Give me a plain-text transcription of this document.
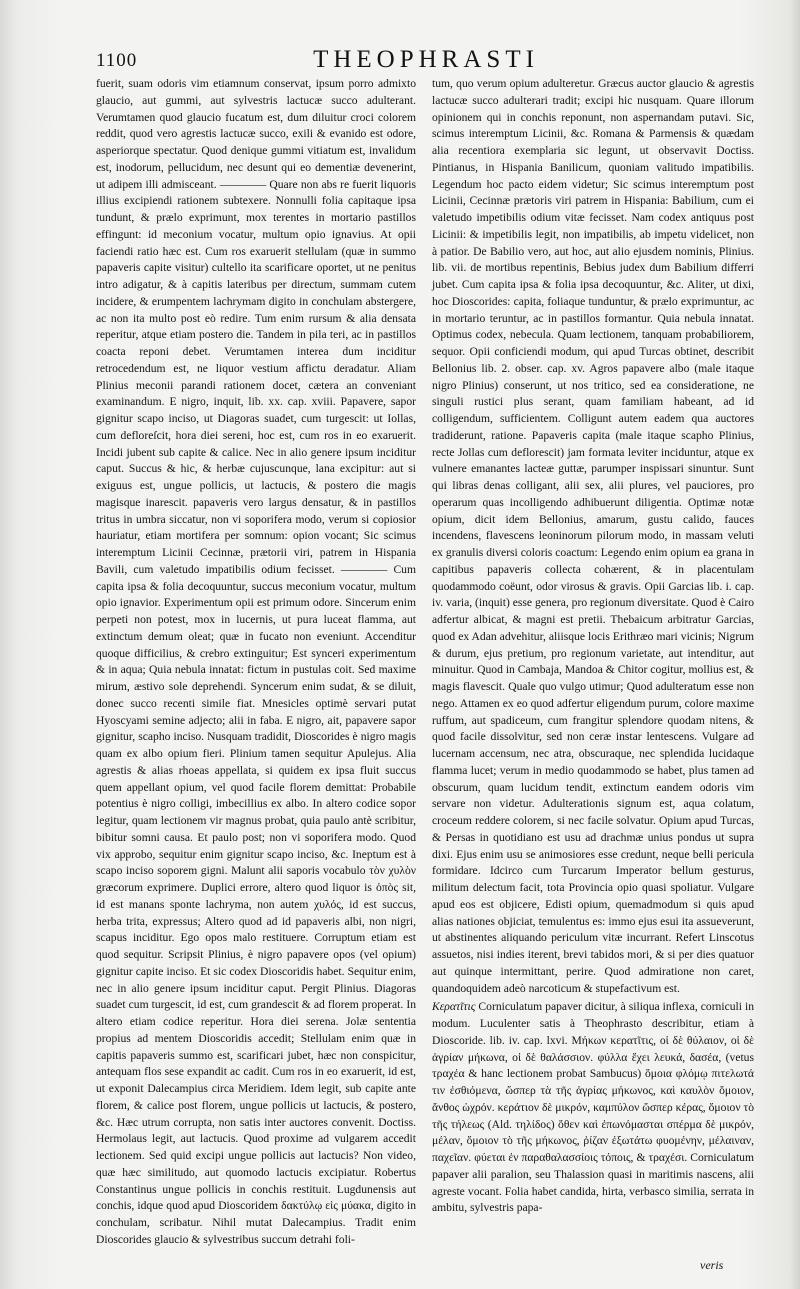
1100	THEOPHRASTI

fuerit, suam odoris vim etiamnum conservat, ipsum porro admixto glaucio, aut gummi, aut sylvestris lactucæ succo adulterant. Verumtamen quod glaucio fucatum est, dum diluitur croci colorem reddit, quod vero agrestis lactucæ succo, exili & evanido est odore, asperiorque spectatur. Quod denique gummi vitiatum est, invalidum est, inodorum, pellucidum, nec desunt qui eo dementiæ devenerint, ut adipem illi admisceant. ———— Quare non abs re fuerit liquoris illius excipiendi rationem subtexere. Nonnulli folia capitaque ipsa tundunt, & prælo exprimunt, mox terentes in mortario pastillos effingunt: id meconium vocatur, multum opio ignavius. At opii faciendi ratio hæc est. Cum ros exaruerit stellulam (quæ in summo papaveris capite visitur) cultello ita scarificare oportet, ut ne penitus intro adigatur, & à capitis lateribus per directum, summam cutem incidere, & erumpentem lachrymam digito in conchulam abstergere, ac non ita multo post eò redire. Tum enim rursum & alia densata reperitur, atque etiam postero die. Tandem in pila teri, ac in pastillos coacta reponi debet. Verumtamen interea dum inciditur retrocedendum est, ne liquor vestium affictu deradatur. Aliam Plinius meconii parandi rationem docet, cætera an conveniant examinandum. E nigro, inquit, lib. xx. cap. xviii. Papavere, sapor gignitur scapo inciso, ut Diagoras suadet, cum turgescit: ut Iollas, cum defloreſcit, hora diei sereni, hoc est, cum ros in eo exaruerit. Incidi jubent sub capite & calice. Nec in alio genere ipsum inciditur caput. Succus & hic, & herbæ cujuscunque, lana excipitur: aut si exiguus est, ungue pollicis, ut lactucis, & postero die magis magisque inarescit. papaveris vero largus densatur, & in pastillos tritus in umbra siccatur, non vi soporifera modo, verum si copiosior hauriatur, etiam mortifera per somnum: opion vocant; Sic scimus interemptum Licinii Cecinnæ, prætorii viri, patrem in Hispania Bavili, cum valetudo impatibilis odium fecisset. ———— Cum capita ipsa & folia decoquuntur, succus meconium vocatur, multum opio ignavior. Experimentum opii est primum odore. Sincerum enim perpeti non potest, mox in lucernis, ut pura luceat flamma, aut extinctum demum oleat; quæ in fucato non eveniunt. Accenditur quoque difficilius, & crebro extinguitur; Est synceri experimentum & in aqua; Quia nebula innatat: fictum in pustulas coit. Sed maxime mirum, æstivo sole deprehendi. Syncerum enim sudat, & se diluit, donec succo recenti simile fiat. Mnesicles optimè servari putat Hyoscyami semine adjecto; alii in faba. E nigro, ait, papavere sapor gignitur, scapho inciso. Nusquam tradidit, Dioscorides è nigro magis quam ex albo opium fieri. Plinium tamen sequitur Apulejus. Alia agrestis & alias rhoeas appellata, si quidem ex ipsa fluit succus quem appellant opium, vel quod facile florem demittat: Probabile potentius è nigro colligi, imbecillius ex albo. In altero codice sopor legitur, quam lectionem vir magnus probat, quia paulo antè scribitur, bibitur somni causa. Et paulo post; non vi soporifera modo. Quod vix approbo, sequitur enim gignitur scapo inciso, &c. Ineptum est à scapo inciso soporem gigni. Malunt alii saporis vocabulo τὸν χυλὸν græcorum exprimere. Duplici errore, altero quod liquor is ὀπὸς sit, id est manans sponte lachryma, non autem χυλός, id est succus, herba trita, expressus; Altero quod ad id papaveris albi, non nigri, scapus inciditur. Ego opos malo restituere. Corruptum etiam est quod sequitur. Scripsit Plinius, è nigro papavere opos (vel opium) gignitur capite inciso. Et sic codex Dioscoridis habet. Sequitur enim, nec in alio genere ipsum inciditur caput. Pergit Plinius. Diagoras suadet cum turgescit, id est, cum grandescit & ad florem properat. In altero etiam codice reperitur. Hora diei serena. Jolæ sententia propius ad mentem Dioscoridis accedit; Stellulam enim quæ in capitis papaveris summo est, scarificari jubet, hæc non conspicitur, antequam flos sese expandit ac cadit. Cum ros in eo exaruerit, id est, ut exponit Dalecampius circa Meridiem. Idem legit, sub capite ante florem, & calice post florem, ungue pollicis ut lactucis, & postero, &c. Hæc utrum corrupta, non satis inter auctores convenit. Doctiss. Hermolaus legit, aut lactucis. Quod proxime ad vulgarem accedit lectionem. Sed quid excipi ungue pollicis aut lactucis? Non video, quæ hæc similitudo, aut quomodo lactucis excipiatur. Robertus Constantinus ungue pollicis in conchis restituit. Lugdunensis aut conchis, idque quod apud Dioscoridem δακτύλῳ εἰς μύακα, digito in conchulam, scribatur. Nihil mutat Dalecampius. Tradit enim Dioscorides glaucio & sylvestribus succum detrahi foli-

tum, quo verum opium adulteretur. Græcus auctor glaucio & agrestis lactucæ succo adulterari tradit; excipi hic nusquam. Quare illorum opinionem qui in conchis reponunt, non aspernandam putavi. Sic, scimus interemptum Licinii, &c. Romana & Parmensis & quædam alia recentiora exemplaria sic legunt, ut observavit Doctiss. Pintianus, in Hispania Banilicum, quoniam valitudo impatibilis. Legendum hoc pacto eidem videtur; Sic scimus interemptum post Licinii, Cecinnæ prætoris viri patrem in Hispania: Babilium, cum ei valetudo impetibilis odium vitæ fecisset. Nam codex antiquus post Licinii: & impetibilis legit, non impatibilis, ab impetu videlicet, non à patior. De Babilio vero, aut hoc, aut alio ejusdem nominis, Plinius. lib. vii. de mortibus repentinis, Bebius judex dum Babilium differri jubet. Cum capita ipsa & folia ipsa decoquuntur, &c. Aliter, ut dixi, hoc Dioscorides: capita, foliaque tunduntur, & prælo exprimuntur, ac in mortario teruntur, ac in pastillos formantur. Quia nebula innatat. Optimus codex, nebecula. Quam lectionem, tanquam probabiliorem, sequor. Opii conficiendi modum, qui apud Turcas obtinet, describit Bellonius lib. 2. obser. cap. xv. Agros papavere albo (male itaque nigro Plinius) conserunt, ut nos tritico, sed ea consideratione, ne singuli rustici plus serant, quam familiam habeant, ad id colligendum, sufficientem. Colligunt autem eadem qua auctores tradiderunt, ratione. Papaveris capita (male itaque scapho Plinius, recte Jollas cum deflorescit) jam formata leviter inciduntur, atque ex vulnere emanantes lacteæ guttæ, parumper inspissari sinuntur. Sunt qui libras denas colligant, alii sex, alii plures, vel pauciores, pro operarum quas incolligendo adhibuerunt diligentia. Optimæ notæ opium, dicit idem Bellonius, amarum, gustu calido, fauces incendens, flavescens leoninorum pilorum modo, in massam veluti ex granulis diversi coloris coactum: Legendo enim opium ea grana in capitibus papaveris collecta cohærent, & in placentulam quodammodo coëunt, odor virosus & gravis. Opii Garcias lib. i. cap. iv. varia, (inquit) esse genera, pro regionum diversitate. Quod è Cairo adfertur albicat, & magni est pretii. Thebaicum arbitratur Garcias, quod ex Adan advehitur, aliisque locis Erithræo mari vicinis; Nigrum & durum, ejus pretium, pro regionum varietate, aut intenditur, aut minuitur. Quod in Cambaja, Mandoa & Chitor cogitur, mollius est, & magis flavescit. Quale quo vulgo utimur; Quod adulteratum esse non nego. Attamen ex eo quod adfertur eligendum purum, colore maxime ruffum, aut spadiceum, cum frangitur splendore quodam nitens, & quod facile dissolvitur, sed non ceræ instar lentescens. Vulgare ad lucernam accensum, nec atra, obscuraque, nec splendida lucidaque flamma lucet; verum in medio quodammodo se habet, plus tamen ad obscurum, quam lucidum tendit, extinctum eandem odoris vim servare non videtur. Adulterationis signum est, aqua colatum, croceum reddere colorem, si nec facile solvatur. Opium apud Turcas, & Persas in quotidiano est usu ad drachmæ unius pondus ut supra dixi. Ejus enim usu se animosiores esse credunt, neque belli pericula formidare. Idcirco cum Turcarum Imperator bellum gesturus, militum delectum facit, tota Provincia opio quasi spoliatur. Vulgare apud eos est objicere, Edisti opium, quemadmodum si quis apud alias nationes objiciat, temulentus es: immo ejus esui ita assueverunt, ut abstinentes aliquando periculum vitæ incurrant. Refert Linscotus assuetos, nisi indies iterent, brevi tabidos mori, & si per dies quatuor aut quinque intermittant, perire. Quod admiratione non caret, quandoquidem adeò narcoticum & stupefactivum est.

Κερατῖτις Corniculatum papaver dicitur, à siliqua inflexa, corniculi in modum. Luculenter satis à Theophrasto describitur, etiam à Dioscoride. lib. iv. cap. lxvi. Μήκων κερατῖτις, οἱ δὲ θύλαιον, οἱ δὲ ἀγρίαν μήκωνα, οἱ δὲ θαλάσσιον. φύλλα ἔχει λευκά, δασέα, (vetus τραχέα & hanc lectionem probat Sambucus) ὅμοια φλόμῳ πιτελωτά τιν ἐσθιόμενα, ὥσπερ τὰ τῆς ἀγρίας μήκωνος, καὶ καυλὸν ὅμοιον, ἄνθος ὠχρόν. κεράτιον δὲ μικρόν, καμπύλον ὥσπερ κέρας, ὅμοιον τὸ τῆς τήλεως (Ald. τηλίδος) ὅθεν καὶ ἐπωνόμασται σπέρμα δὲ μικρόν, μέλαν, ὅμοιον τὸ τῆς μήκωνος, ῥίζαν ἐξωτάτω φυομένην, μέλαιναν, παχεῖαν. φύεται ἐν παραθαλασσίοις τόποις, & τραχέσι. Corniculatum papaver alii paralion, seu Thalassion quasi in maritimis nascens, alii agreste vocant. Folia habet candida, hirta, verbasco similia, serrata in ambitu, sylvestris papa-

veris
